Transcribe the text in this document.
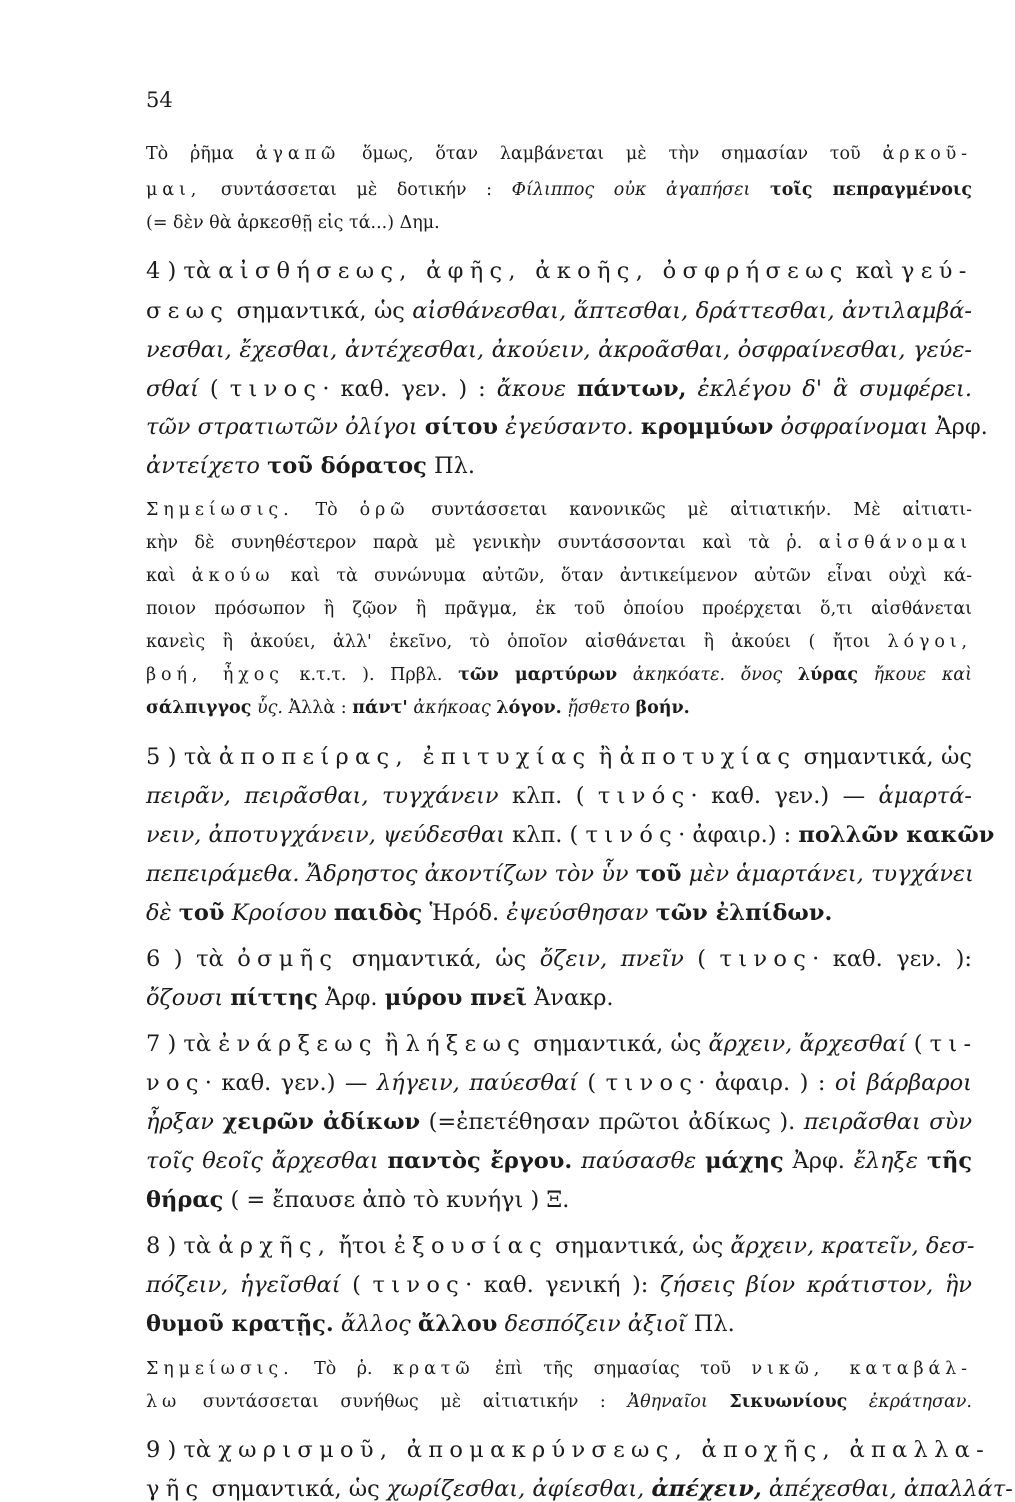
54
Τὸ ῥῆμα ἀγαπῶ ὅμως, ὅταν λαμβάνεται μὲ τὴν σημασίαν τοῦ ἀρκοῦ-
μαι, συντάσσεται μὲ δοτικήν : Φίλιππος οὐκ ἀγαπήσει τοῖς πεπραγμένοις
(= δὲν θὰ ἀρκεσθῇ εἰς τά...) Δημ.
4 ) τὰ αἰσθήσεως, ἀφῆς, ἀκοῆς, ὀσφρήσεως καὶ γεύ-
σεως σημαντικά, ὡς αἰσθάνεσθαι, ἅπτεσθαι, δράττεσθαι, ἀντιλαμβά-
νεσθαι, ἔχεσθαι, ἀντέχεσθαι, ἀκούειν, ἀκροᾶσθαι, ὀσφραίνεσθαι, γεύε-
σθαί ( τινος· καθ. γεν. ) : ἄκουε πάντων, ἐκλέγου δ' ἃ συμφέρει.
τῶν στρατιωτῶν ὀλίγοι σίτου ἐγεύσαντο. κρομμύων ὀσφραίνομαι Ἀρφ.
ἀντείχετο τοῦ δόρατος Πλ.
Σημείωσις. Τὸ ὁρῶ συντάσσεται κανονικῶς μὲ αἰτιατικήν. Μὲ αἰτιατι-
κὴν δὲ συνηθέστερον παρὰ μὲ γενικὴν συντάσσονται καὶ τὰ ῥ. αἰσθάνομαι
καὶ ἀκούω καὶ τὰ συνώνυμα αὐτῶν, ὅταν ἀντικείμενον αὐτῶν εἶναι οὐχὶ κά-
ποιον πρόσωπον ἢ ζῷον ἢ πρᾶγμα, ἐκ τοῦ ὁποίου προέρχεται ὅ,τι αἰσθάνεται
κανεὶς ἢ ἀκούει, ἀλλ' ἐκεῖνο, τὸ ὁποῖον αἰσθάνεται ἢ ἀκούει ( ἤτοι λόγοι,
βοή, ἦχος κ.τ.τ. ). Πρβλ. τῶν μαρτύρων ἀκηκόατε. ὄνος λύρας ἤκουε καὶ
σάλπιγγος ὗς. Ἀλλὰ : πάντ' ἀκήκοας λόγον. ᾔσθετο βοήν.
5 ) τὰ ἀποπείρας, ἐπιτυχίας ἢ ἀποτυχίας σημαντικά, ὡς
πειρᾶν, πειρᾶσθαι, τυγχάνειν κλπ. ( τινός· καθ. γεν.) — ἁμαρτά-
νειν, ἀποτυγχάνειν, ψεύδεσθαι κλπ. ( τινός· ἀφαιρ.) : πολλῶν κακῶν
πεπειράμεθα. Ἄδρηστος ἀκοντίζων τὸν ὗν τοῦ μὲν ἁμαρτάνει, τυγχάνει
δὲ τοῦ Κροίσου παιδὸς Ἡρόδ. ἐψεύσθησαν τῶν ἐλπίδων.
6 ) τὰ ὀσμῆς σημαντικά, ὡς ὄζειν, πνεῖν ( τινος· καθ. γεν. ):
ὄζουσι πίττης Ἀρφ. μύρου πνεῖ Ἀνακρ.
7 ) τὰ ἐνάρξεως ἢ λήξεως σημαντικά, ὡς ἄρχειν, ἄρχεσθαί ( τι-
νος· καθ. γεν.) — λήγειν, παύεσθαί ( τινος· ἀφαιρ. ) : οἱ βάρβαροι
ἦρξαν χειρῶν ἀδίκων (=ἐπετέθησαν πρῶτοι ἀδίκως ). πειρᾶσθαι σὺν
τοῖς θεοῖς ἄρχεσθαι παντὸς ἔργου. παύσασθε μάχης Ἀρφ. ἔληξε τῆς
θήρας ( = ἔπαυσε ἀπὸ τὸ κυνήγι ) Ξ.
8 ) τὰ ἀρχῆς, ἤτοι ἐξουσίας σημαντικά, ὡς ἄρχειν, κρατεῖν, δεσ-
πόζειν, ἡγεῖσθαί ( τινος· καθ. γενική ): ζήσεις βίον κράτιστον, ἣν
θυμοῦ κρατῇς. ἄλλος ἄλλου δεσπόζειν ἀξιοῖ Πλ.
Σημείωσις. Τὸ ῥ. κρατῶ ἐπὶ τῆς σημασίας τοῦ νικῶ, καταβάλ-
λω συντάσσεται συνήθως μὲ αἰτιατικήν : Ἀθηναῖοι Σικυωνίους ἐκράτησαν.
9 ) τὰ χωρισμοῦ, ἀπομακρύνσεως, ἀποχῆς, ἀπαλλα-
γῆς σημαντικά, ὡς χωρίζεσθαι, ἀφίεσθαι, ἀπέχειν, ἀπέχεσθαι, ἀπαλλάτ-
